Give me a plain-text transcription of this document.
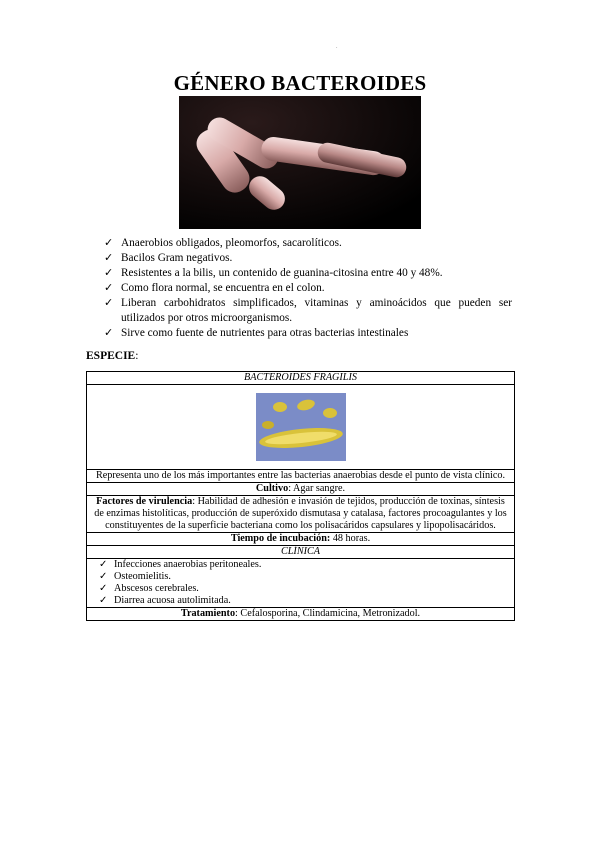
.
GÉNERO BACTEROIDES
✓ Anaerobios obligados, pleomorfos, sacarolíticos.
✓ Bacilos Gram negativos.
✓ Resistentes a la bilis, un contenido de guanina-citosina entre 40 y 48%.
✓ Como flora normal, se encuentra en el colon.
✓ Liberan carbohidratos simplificados, vitaminas y aminoácidos que pueden ser utilizados por otros microorganismos.
✓ Sirve como fuente de nutrientes para otras bacterias intestinales
ESPECIE:
BACTEROIDES FRAGILIS

Representa uno de los más importantes entre las bacterias anaerobias desde el punto de vista clínico.
Cultivo: Agar sangre.
Factores de virulencia: Habilidad de adhesión e invasión de tejidos, producción de toxinas, síntesis de enzimas histolíticas, producción de superóxido dismutasa y catalasa, factores procoagulantes y los constituyentes de la superficie bacteriana como los polisacáridos capsulares y lipopolisacáridos.
Tiempo de incubación: 48 horas.
CLÍNICA

✓ Infecciones anaerobias peritoneales.
✓ Osteomielitis.
✓ Abscesos cerebrales.
✓ Diarrea acuosa autolimitada.

Tratamiento: Cefalosporina, Clindamicina, Metronizadol.
